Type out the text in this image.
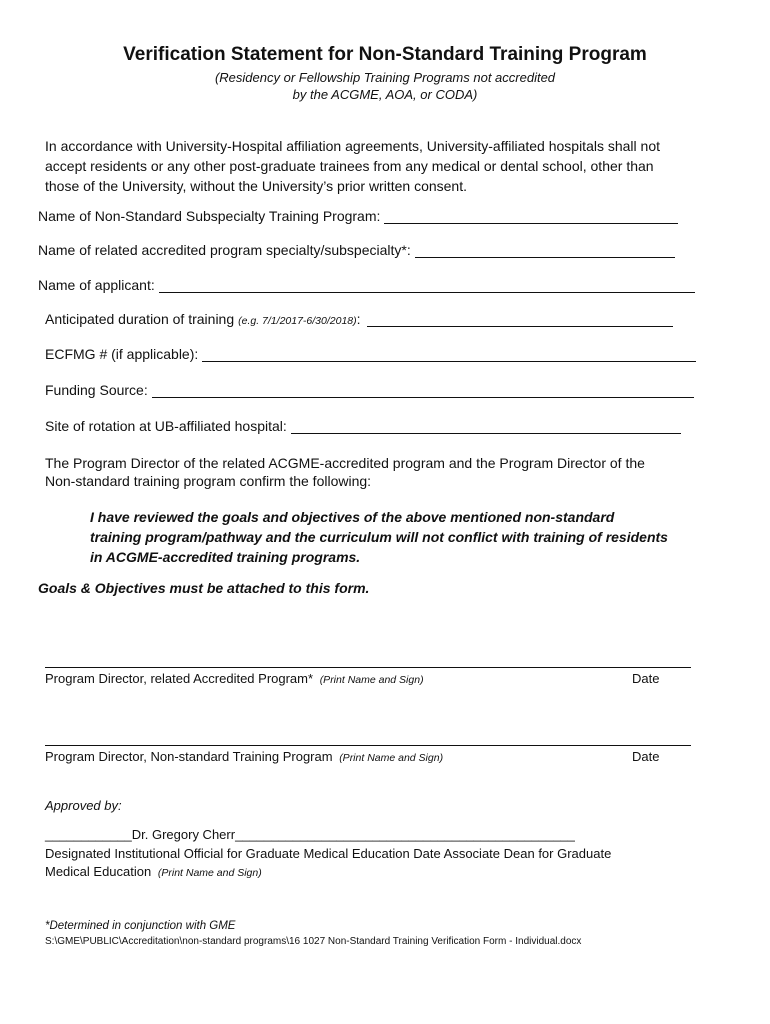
Verification Statement for Non-Standard Training Program
(Residency or Fellowship Training Programs not accredited
by the ACGME, AOA, or CODA)
In accordance with University-Hospital affiliation agreements, University-affiliated hospitals shall not
accept residents or any other post-graduate trainees from any medical or dental school, other than
those of the University, without the University’s prior written consent.
Name of Non-Standard Subspecialty Training Program:
Name of related accredited program specialty/subspecialty*:
Name of applicant:
Anticipated duration of training (e.g. 7/1/2017-6/30/2018) :
ECFMG # (if applicable):
Funding Source:
Site of rotation at UB-affiliated hospital:
The Program Director of the related ACGME-accredited program and the Program Director of the
Non-standard training program confirm the following:
I have reviewed the goals and objectives of the above mentioned non-standard
training program/pathway and the curriculum will not conflict with training of residents
in ACGME-accredited training programs.
Goals & Objectives must be attached to this form.
Program Director, related Accredited Program* (Print Name and Sign)	Date
Program Director, Non-standard Training Program (Print Name and Sign)	Date
Approved by:
____________Dr. Gregory Cherr_______________________________________________
Designated Institutional Official for Graduate Medical Education Date Associate Dean for Graduate
Medical Education (Print Name and Sign)
*Determined in conjunction with GME
S:\GME\PUBLIC\Accreditation\non-standard programs\16 1027 Non-Standard Training Verification Form - Individual.docx
